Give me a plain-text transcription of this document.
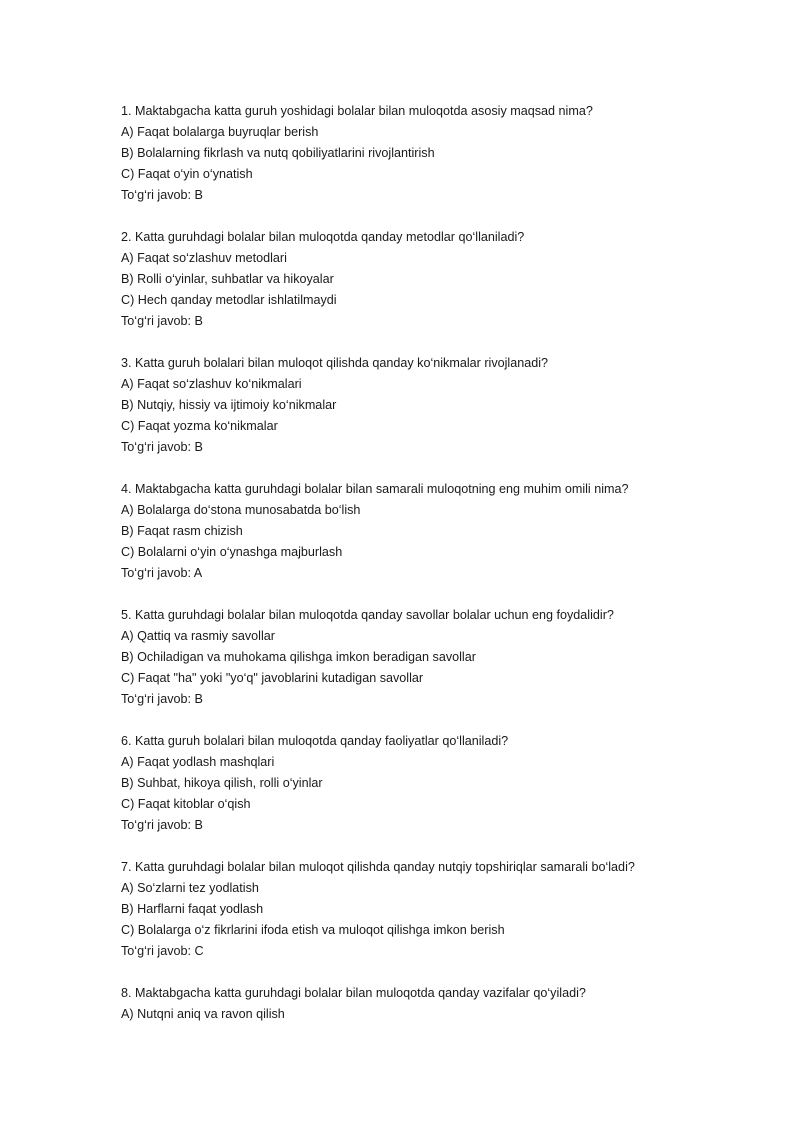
1. Maktabgacha katta guruh yoshidagi bolalar bilan muloqotda asosiy maqsad nima?
A) Faqat bolalarga buyruqlar berish
B) Bolalarning fikrlash va nutq qobiliyatlarini rivojlantirish
C) Faqat o‘yin o‘ynatish
To‘g‘ri javob: B
2. Katta guruhdagi bolalar bilan muloqotda qanday metodlar qo‘llaniladi?
A) Faqat so‘zlashuv metodlari
B) Rolli o‘yinlar, suhbatlar va hikoyalar
C) Hech qanday metodlar ishlatilmaydi
To‘g‘ri javob: B
3. Katta guruh bolalari bilan muloqot qilishda qanday ko‘nikmalar rivojlanadi?
A) Faqat so‘zlashuv ko‘nikmalari
B) Nutqiy, hissiy va ijtimoiy ko‘nikmalar
C) Faqat yozma ko‘nikmalar
To‘g‘ri javob: B
4. Maktabgacha katta guruhdagi bolalar bilan samarali muloqotning eng muhim omili nima?
A) Bolalarga do‘stona munosabatda bo‘lish
B) Faqat rasm chizish
C) Bolalarni o‘yin o‘ynashga majburlash
To‘g‘ri javob: A
5. Katta guruhdagi bolalar bilan muloqotda qanday savollar bolalar uchun eng foydalidir?
A) Qattiq va rasmiy savollar
B) Ochiladigan va muhokama qilishga imkon beradigan savollar
C) Faqat "ha" yoki "yo‘q" javoblarini kutadigan savollar
To‘g‘ri javob: B
6. Katta guruh bolalari bilan muloqotda qanday faoliyatlar qo‘llaniladi?
A) Faqat yodlash mashqlari
B) Suhbat, hikoya qilish, rolli o‘yinlar
C) Faqat kitoblar o‘qish
To‘g‘ri javob: B
7. Katta guruhdagi bolalar bilan muloqot qilishda qanday nutqiy topshiriqlar samarali bo‘ladi?
A) So‘zlarni tez yodlatish
B) Harflarni faqat yodlash
C) Bolalarga o‘z fikrlarini ifoda etish va muloqot qilishga imkon berish
To‘g‘ri javob: C
8. Maktabgacha katta guruhdagi bolalar bilan muloqotda qanday vazifalar qo‘yiladi?
A) Nutqni aniq va ravon qilish
